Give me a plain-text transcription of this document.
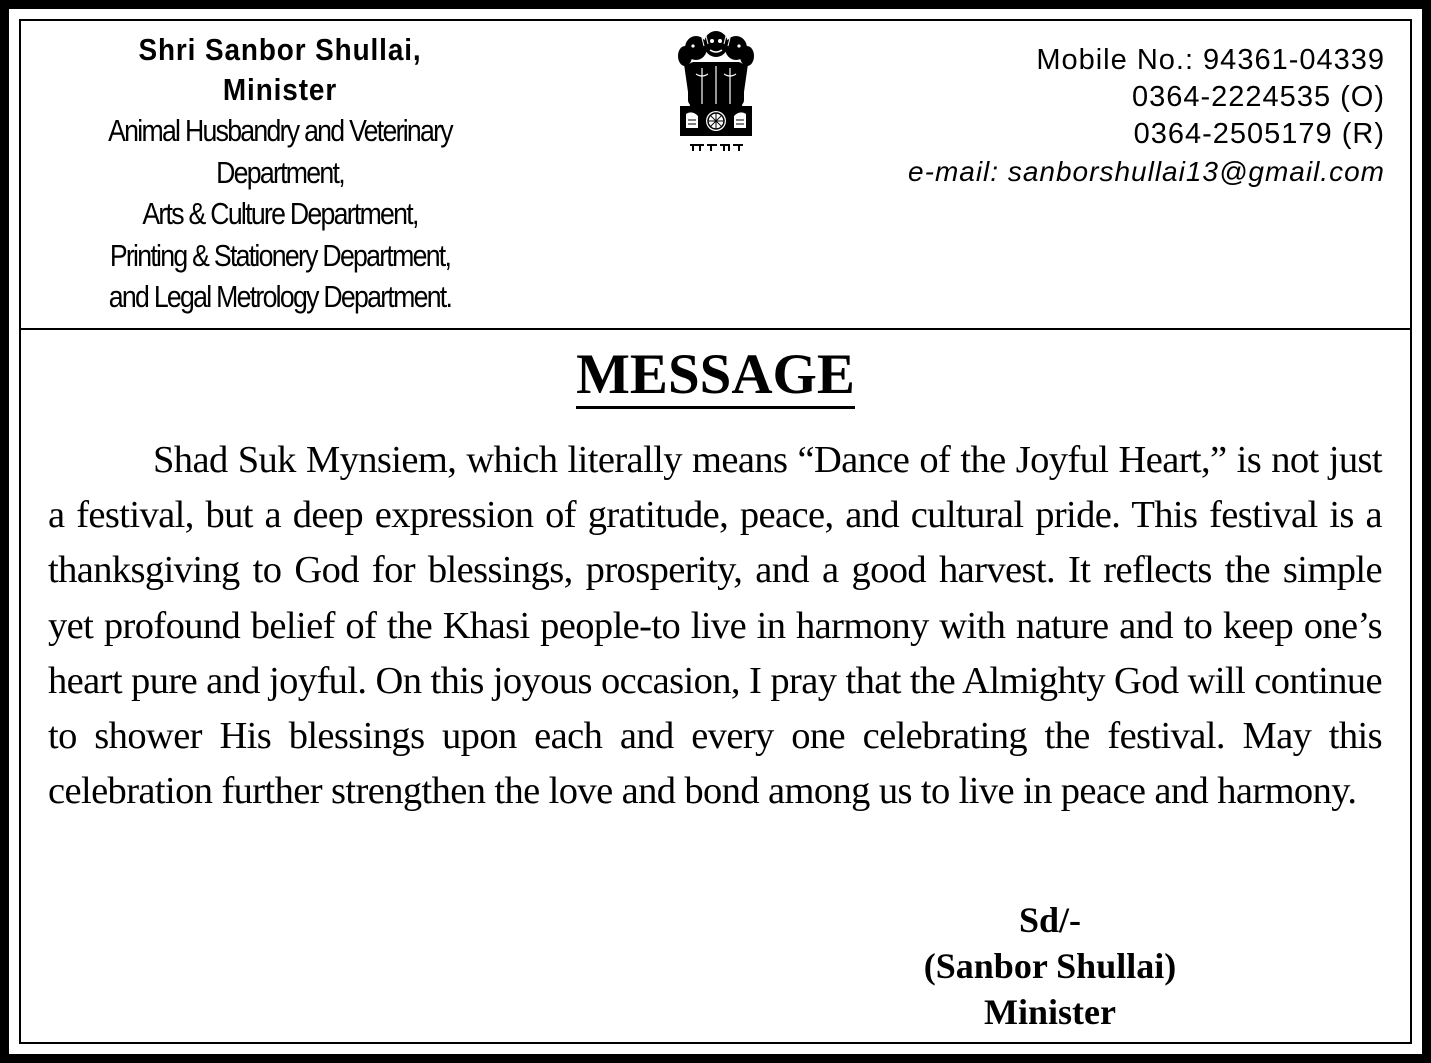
Shri Sanbor Shullai,
Minister
Animal Husbandry and Veterinary
Department,
Arts & Culture Department,
Printing & Stationery Department,
and Legal Metrology Department.
Mobile No.: 94361-04339
0364-2224535 (O)
0364-2505179 (R)
e-mail: sanborshullai13@gmail.com
MESSAGE
Shad Suk Mynsiem, which literally means “Dance of the Joyful Heart,” is not just a festival, but a deep expression of gratitude, peace, and cultural pride. This festival is a thanksgiving to God for blessings, prosperity, and a good harvest. It reflects the simple yet profound belief of the Khasi people-to live in harmony with nature and to keep one’s heart pure and joyful. On this joyous occasion, I pray that the Almighty God will continue to shower His blessings upon each and every one celebrating the festival. May this celebration further strengthen the love and bond among us to live in peace and harmony.
Sd/-
(Sanbor Shullai)
Minister
